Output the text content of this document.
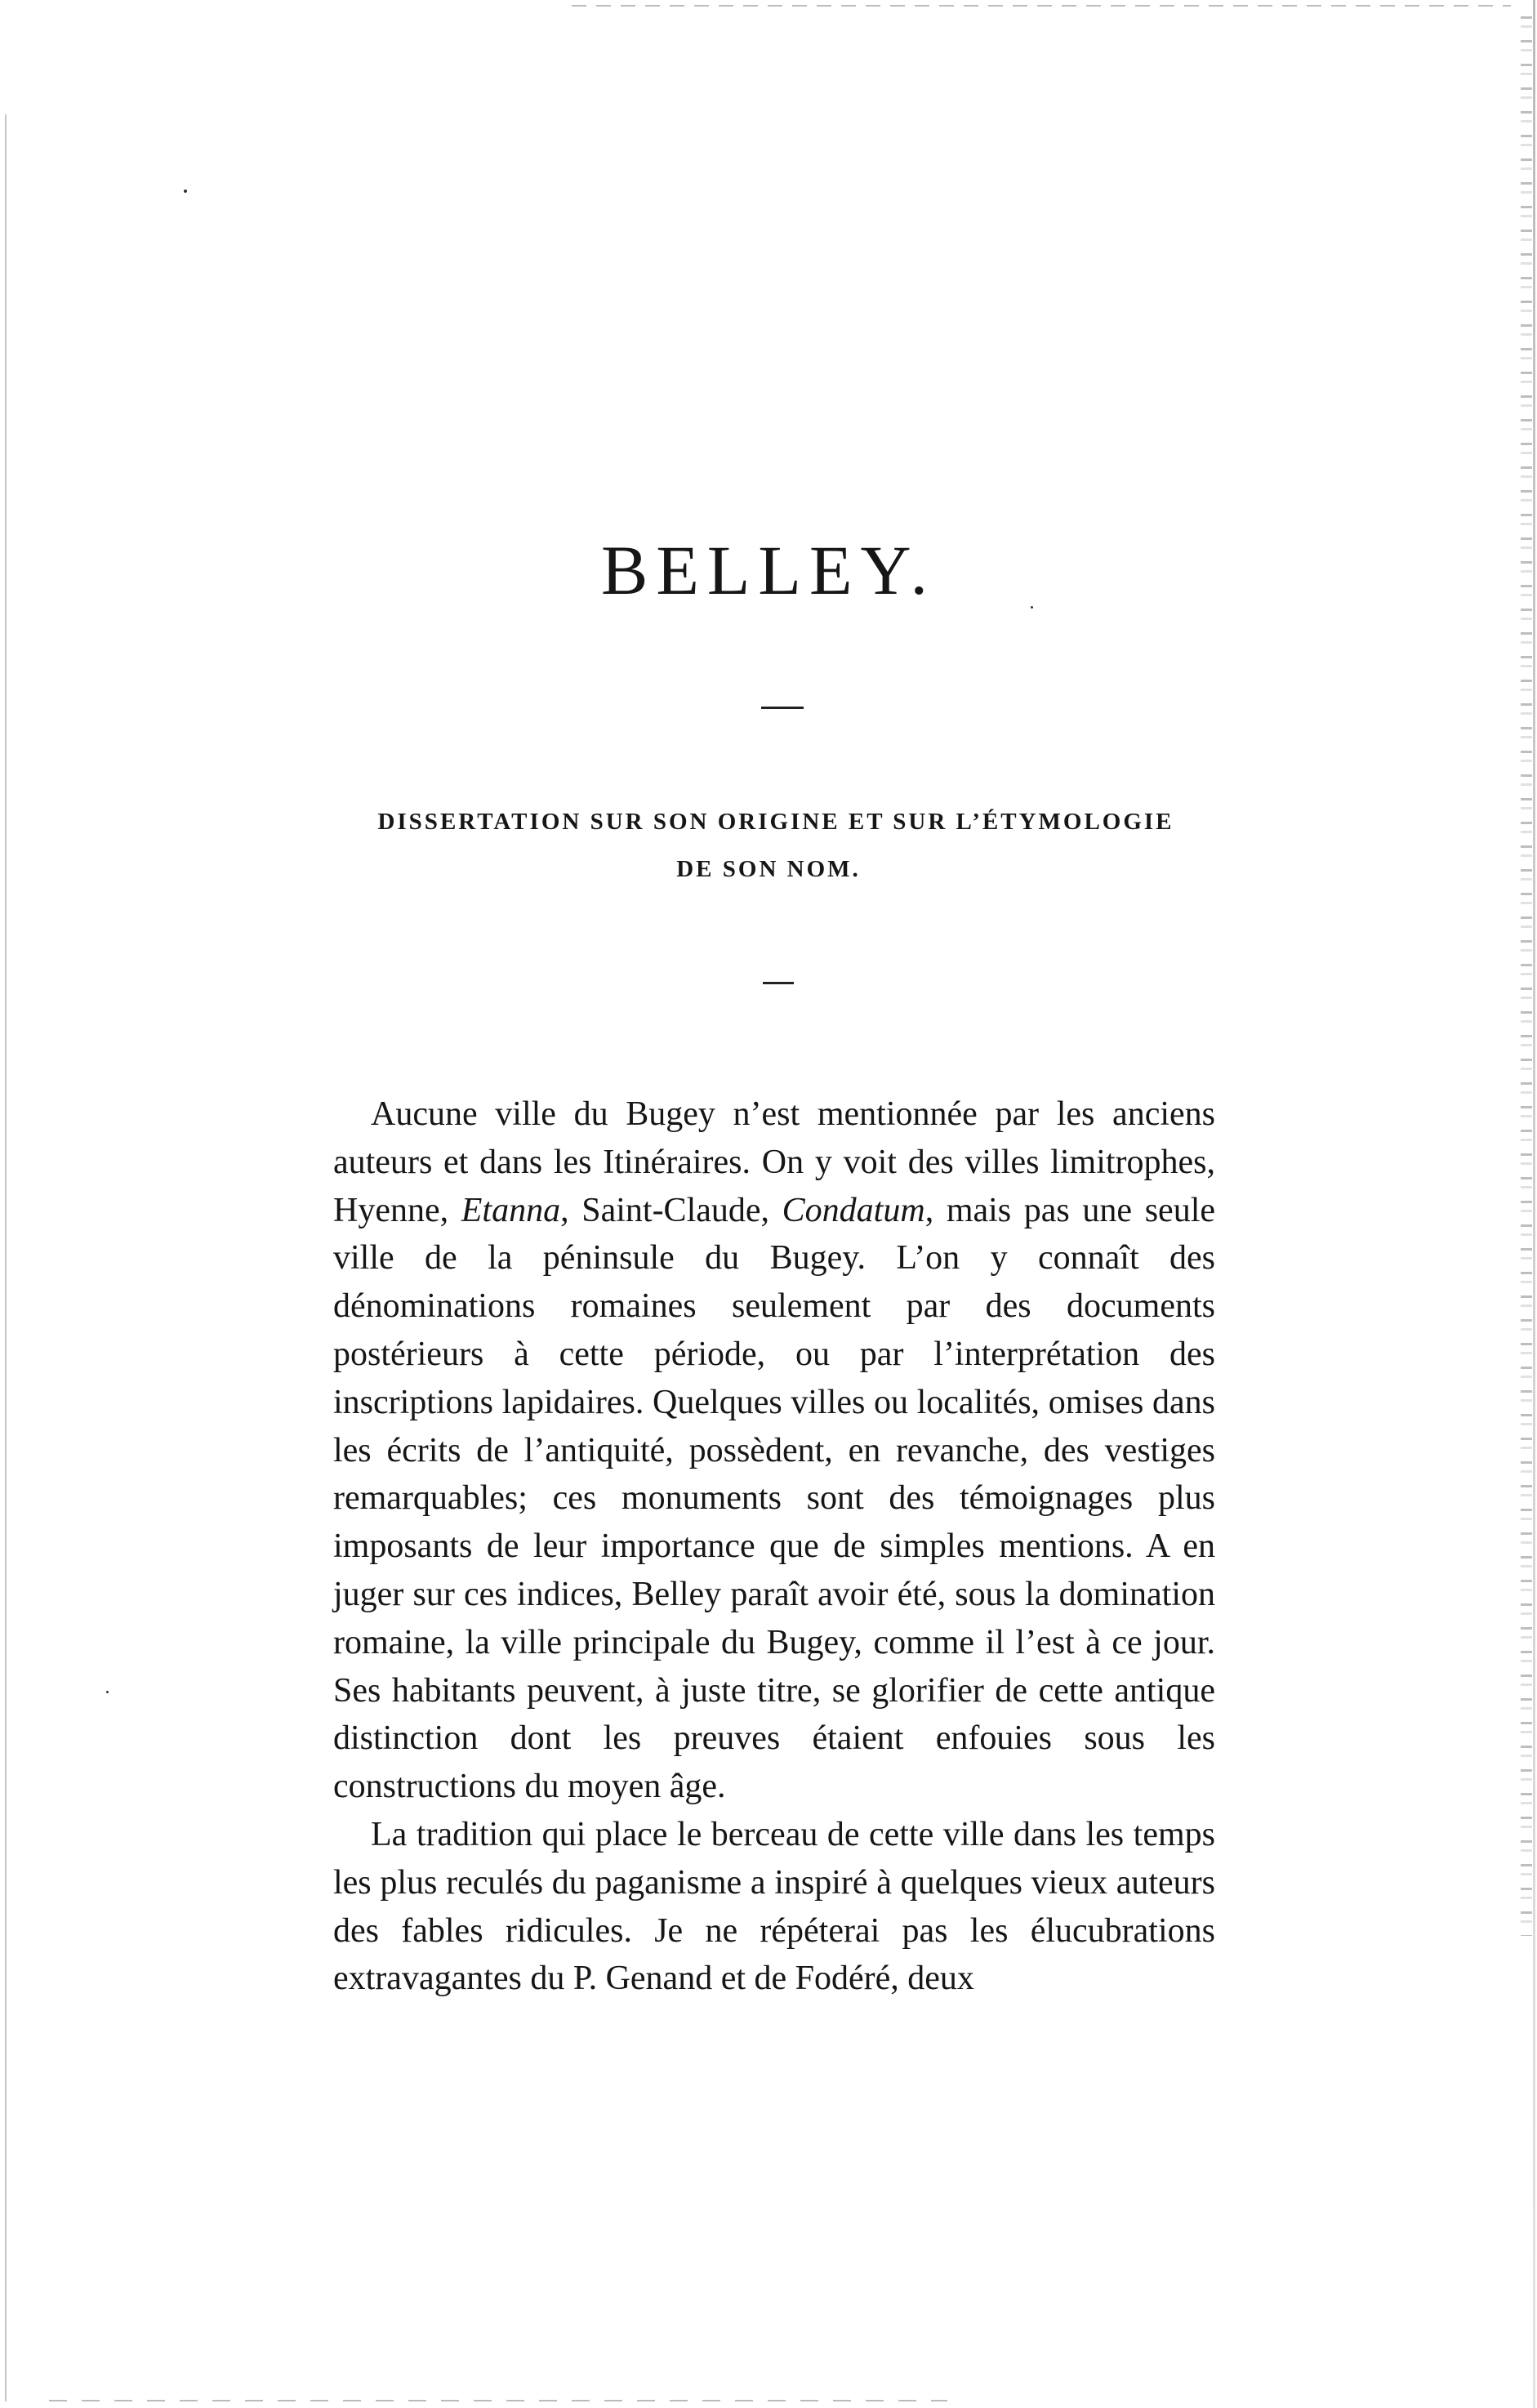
BELLEY.
DISSERTATION SUR SON ORIGINE ET SUR L’ÉTYMOLOGIE
DE SON NOM.

Aucune ville du Bugey n’est mentionnée par les anciens auteurs et dans les Itinéraires. On y voit des villes limitrophes, Hyenne, Etanna, Saint-Claude, Condatum, mais pas une seule ville de la péninsule du Bugey. L’on y connaît des dénominations romaines seulement par des documents postérieurs à cette période, ou par l’interprétation des inscriptions lapidaires. Quelques villes ou localités, omises dans les écrits de l’antiquité, possèdent, en revanche, des vestiges remarquables; ces monuments sont des témoignages plus imposants de leur importance que de simples mentions. A en juger sur ces indices, Belley paraît avoir été, sous la domination romaine, la ville principale du Bugey, comme il l’est à ce jour. Ses habitants peuvent, à juste titre, se glorifier de cette antique distinction dont les preuves étaient enfouies sous les constructions du moyen âge.

La tradition qui place le berceau de cette ville dans les temps les plus reculés du paganisme a inspiré à quelques vieux auteurs des fables ridicules. Je ne répéterai pas les élucubrations extravagantes du P. Genand et de Fodéré, deux
